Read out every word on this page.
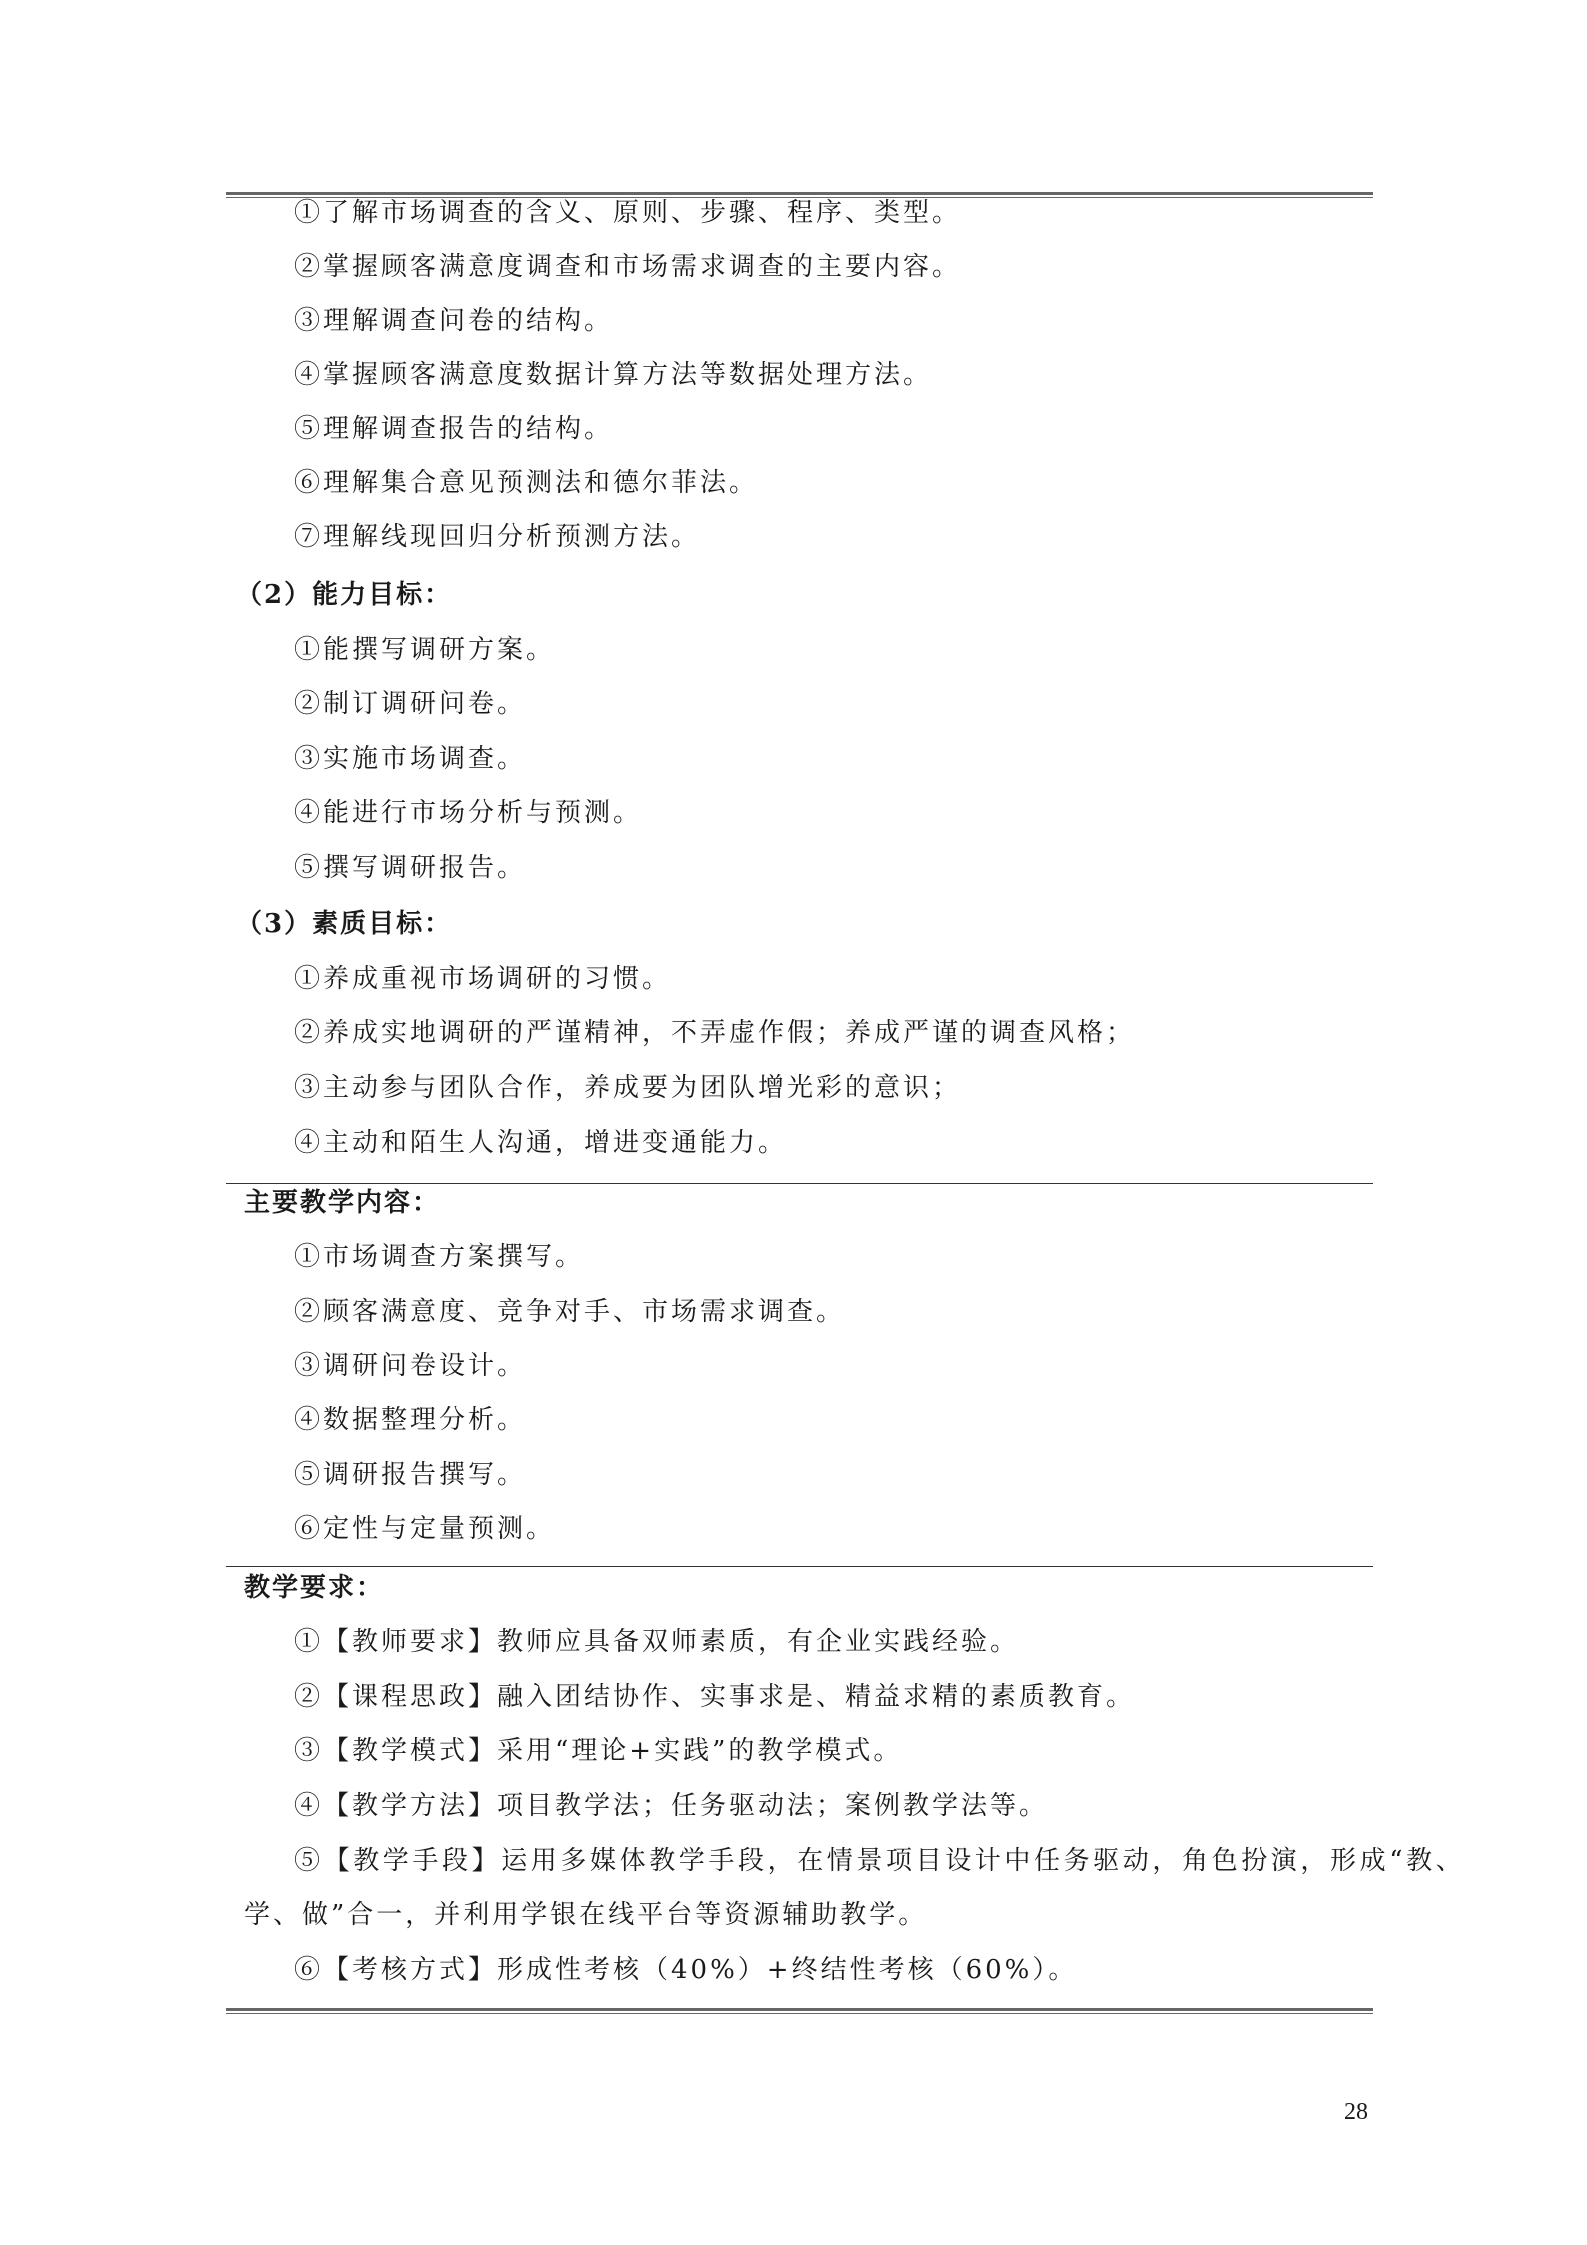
①了解市场调查的含义、原则、步骤、程序、类型。
②掌握顾客满意度调查和市场需求调查的主要内容。
③理解调查问卷的结构。
④掌握顾客满意度数据计算方法等数据处理方法。
⑤理解调查报告的结构。
⑥理解集合意见预测法和德尔菲法。
⑦理解线现回归分析预测方法。
（2）能力目标：
①能撰写调研方案。
②制订调研问卷。
③实施市场调查。
④能进行市场分析与预测。
⑤撰写调研报告。
（3）素质目标：
①养成重视市场调研的习惯。
②养成实地调研的严谨精神，不弄虚作假；养成严谨的调查风格；
③主动参与团队合作，养成要为团队增光彩的意识；
④主动和陌生人沟通，增进变通能力。
主要教学内容：
①市场调查方案撰写。
②顾客满意度、竞争对手、市场需求调查。
③调研问卷设计。
④数据整理分析。
⑤调研报告撰写。
⑥定性与定量预测。
教学要求：
①【教师要求】教师应具备双师素质，有企业实践经验。
②【课程思政】融入团结协作、实事求是、精益求精的素质教育。
③【教学模式】采用“理论+实践”的教学模式。
④【教学方法】项目教学法；任务驱动法；案例教学法等。
⑤【教学手段】运用多媒体教学手段，在情景项目设计中任务驱动，角色扮演，形成“教、
学、做”合一，并利用学银在线平台等资源辅助教学。
⑥【考核方式】形成性考核（40%）+终结性考核（60%）。
28
